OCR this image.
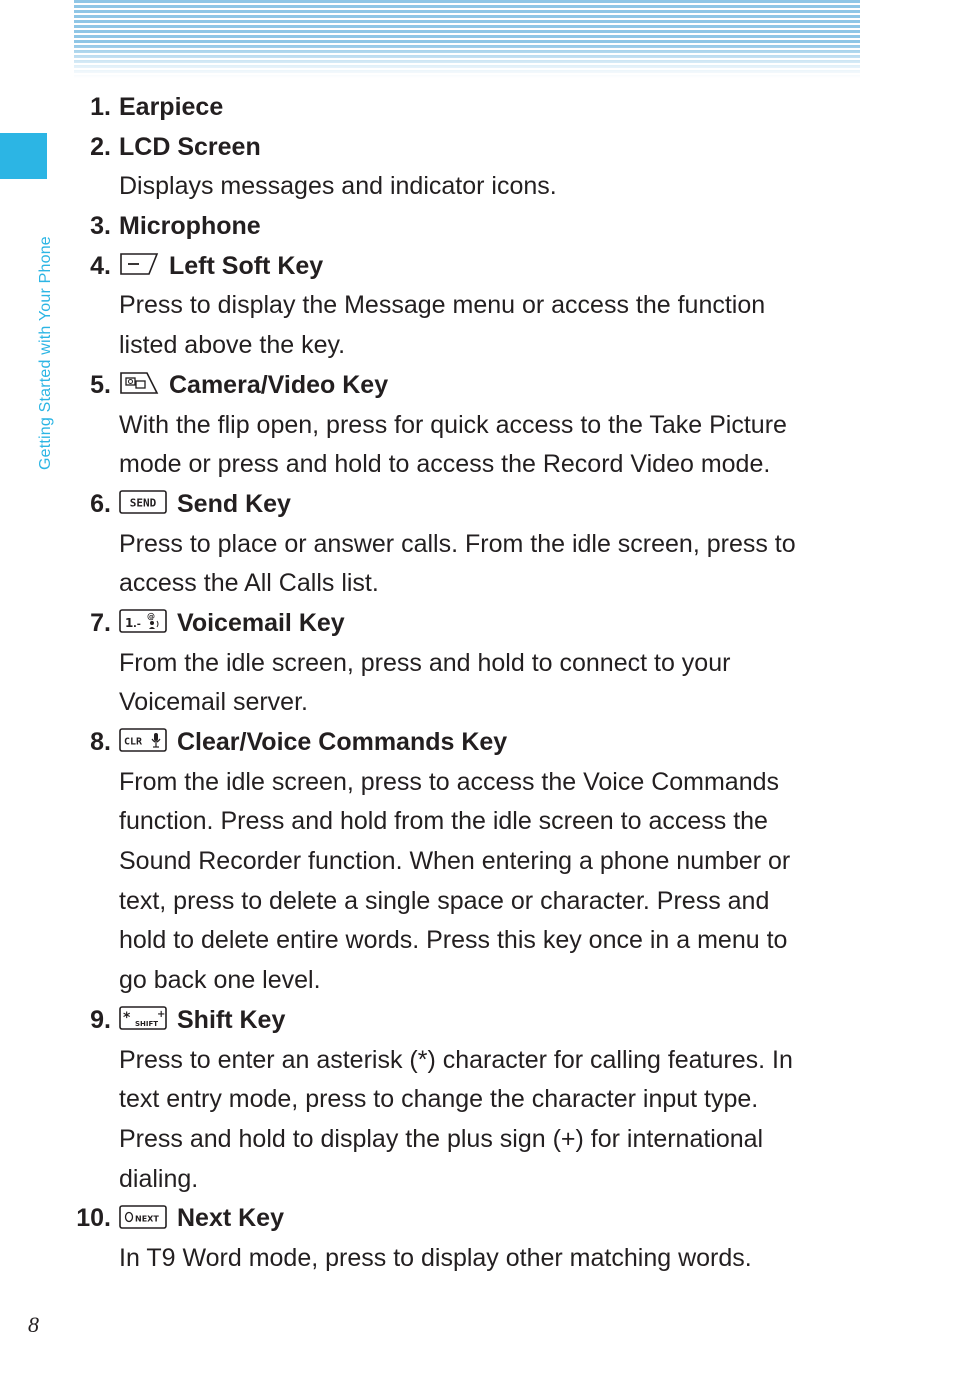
Getting Started with Your Phone
1. Earpiece
2. LCD Screen
Displays messages and indicator icons.
3. Microphone
4.	Left Soft Key
Press to display the Message menu or access the function
listed above the key.
5.	Camera/Video Key
With the flip open, press for quick access to the Take Picture
mode or press and hold to access the Record Video mode.
6. SEND Send Key
Press to place or answer calls. From the idle screen, press to
access the All Calls list.
7. 1 .-
@ Voicemail Key
From the idle screen, press and hold to connect to your
Voicemail server.
8. CLR Clear/Voice Commands Key
From the idle screen, press to access the Voice Commands
function. Press and hold from the idle screen to access the
Sound Recorder function. When entering a phone number or
text, press to delete a single space or character. Press and
hold to delete entire words. Press this key once in a menu to
go back one level.
9. *	+
SHIFT Shift Key
Press to enter an asterisk (*) character for calling features. In
text entry mode, press to change the character input type.
Press and hold to display the plus sign (+) for international
dialing.
10.	NEXT Next Key
In T9 Word mode, press to display other matching words.
8
